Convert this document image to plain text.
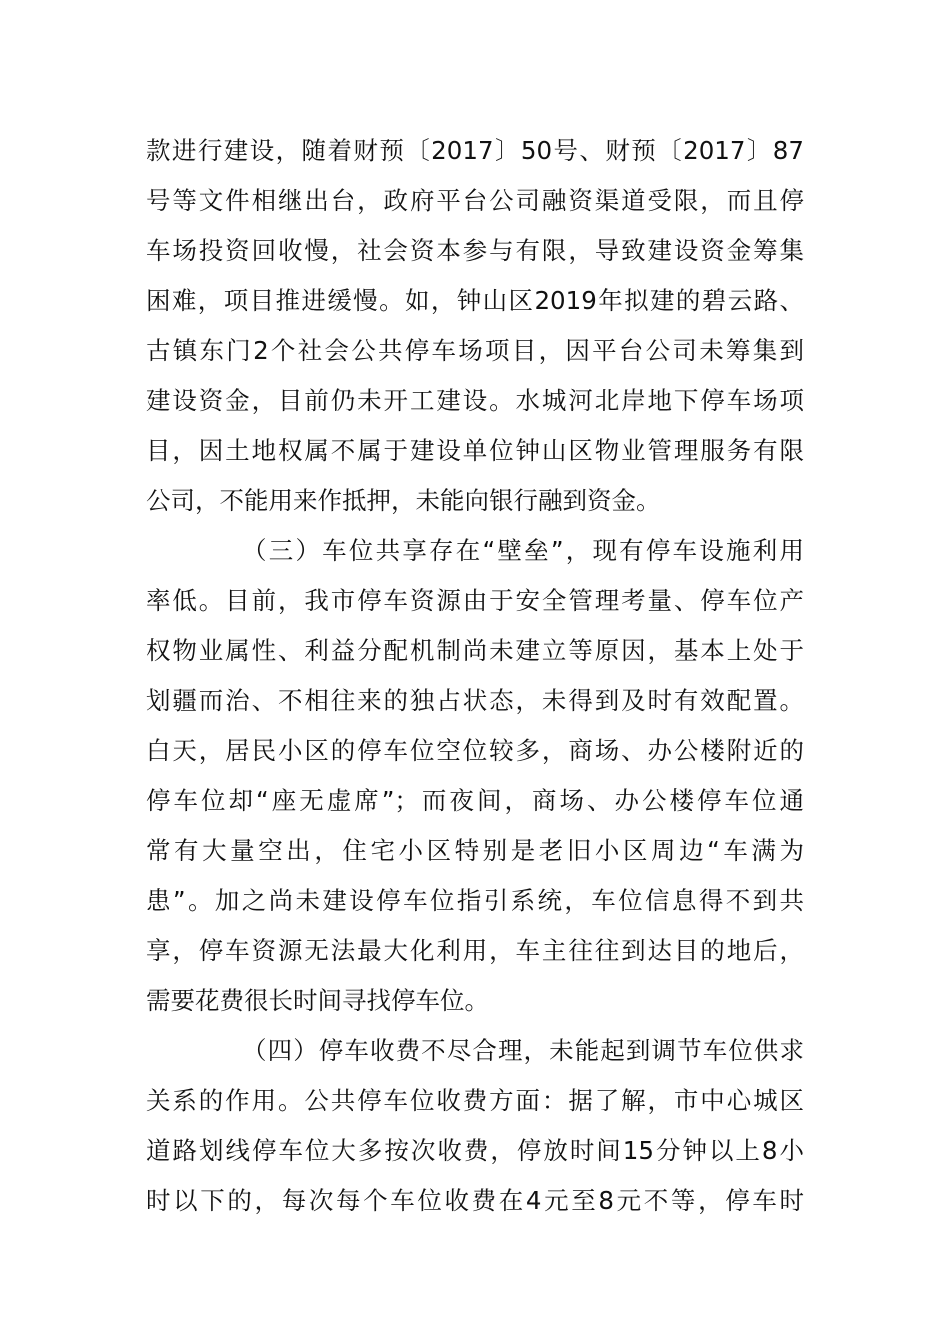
款进行建设，随着财预〔2017〕50号、财预〔2017〕87
号等文件相继出台，政府平台公司融资渠道受限，而且停
车场投资回收慢，社会资本参与有限，导致建设资金筹集
困难，项目推进缓慢。如，钟山区2019年拟建的碧云路、
古镇东门2个社会公共停车场项目，因平台公司未筹集到
建设资金，目前仍未开工建设。水城河北岸地下停车场项
目，因土地权属不属于建设单位钟山区物业管理服务有限
公司，不能用来作抵押，未能向银行融到资金。
（三）车位共享存在“壁垒”，现有停车设施利用
率低。目前，我市停车资源由于安全管理考量、停车位产
权物业属性、利益分配机制尚未建立等原因，基本上处于
划疆而治、不相往来的独占状态，未得到及时有效配置。
白天，居民小区的停车位空位较多，商场、办公楼附近的
停车位却“座无虚席”；而夜间，商场、办公楼停车位通
常有大量空出，住宅小区特别是老旧小区周边“车满为
患”。加之尚未建设停车位指引系统，车位信息得不到共
享，停车资源无法最大化利用，车主往往到达目的地后，
需要花费很长时间寻找停车位。
（四）停车收费不尽合理，未能起到调节车位供求
关系的作用。公共停车位收费方面：据了解，市中心城区
道路划线停车位大多按次收费，停放时间15分钟以上8小
时以下的，每次每个车位收费在4元至8元不等，停车时
